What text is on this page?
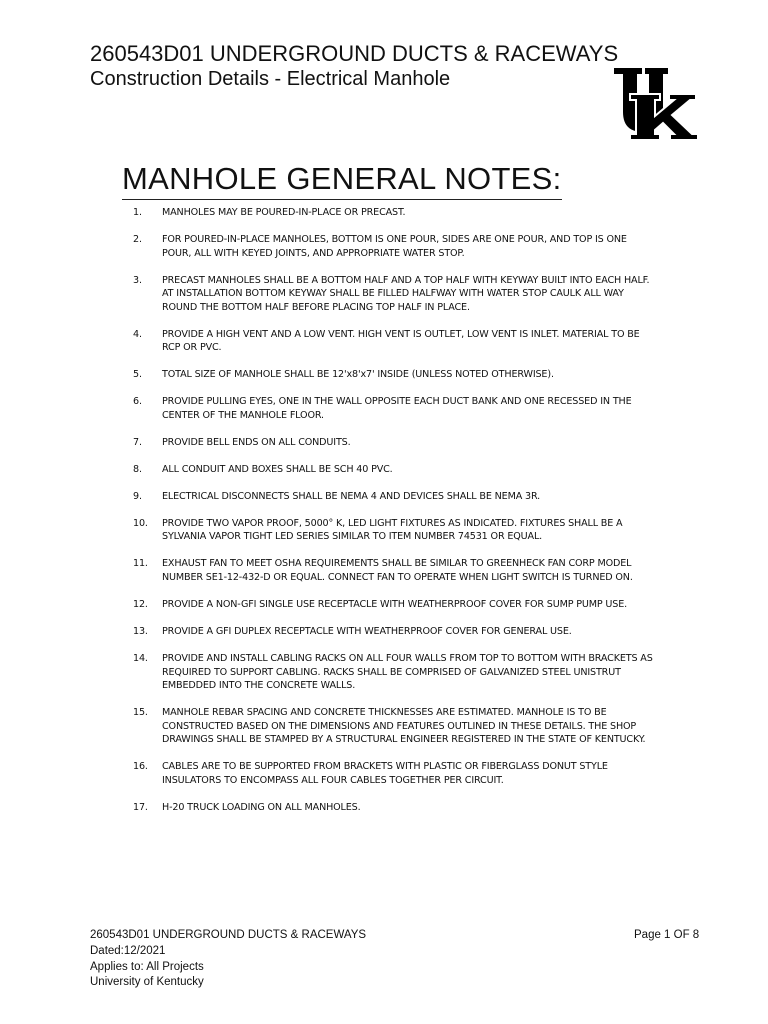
260543D01 UNDERGROUND DUCTS & RACEWAYS
Construction Details - Electrical Manhole
MANHOLE GENERAL NOTES:
1.	MANHOLES MAY BE POURED-IN-PLACE OR PRECAST.
2.	FOR POURED-IN-PLACE MANHOLES, BOTTOM IS ONE POUR, SIDES ARE ONE POUR, AND TOP IS ONE POUR, ALL WITH KEYED JOINTS, AND APPROPRIATE WATER STOP.
3.	PRECAST MANHOLES SHALL BE A BOTTOM HALF AND A TOP HALF WITH KEYWAY BUILT INTO EACH HALF. AT INSTALLATION BOTTOM KEYWAY SHALL BE FILLED HALFWAY WITH WATER STOP CAULK ALL WAY ROUND THE BOTTOM HALF BEFORE PLACING TOP HALF IN PLACE.
4.	PROVIDE A HIGH VENT AND A LOW VENT. HIGH VENT IS OUTLET, LOW VENT IS INLET. MATERIAL TO BE RCP OR PVC.
5.	TOTAL SIZE OF MANHOLE SHALL BE 12'x8'x7' INSIDE (UNLESS NOTED OTHERWISE).
6.	PROVIDE PULLING EYES, ONE IN THE WALL OPPOSITE EACH DUCT BANK AND ONE RECESSED IN THE CENTER OF THE MANHOLE FLOOR.
7.	PROVIDE BELL ENDS ON ALL CONDUITS.
8.	ALL CONDUIT AND BOXES SHALL BE SCH 40 PVC.
9.	ELECTRICAL DISCONNECTS SHALL BE NEMA 4 AND DEVICES SHALL BE NEMA 3R.
10.	PROVIDE TWO VAPOR PROOF, 5000° K, LED LIGHT FIXTURES AS INDICATED. FIXTURES SHALL BE A SYLVANIA VAPOR TIGHT LED SERIES SIMILAR TO ITEM NUMBER 74531 OR EQUAL.
11.	EXHAUST FAN TO MEET OSHA REQUIREMENTS SHALL BE SIMILAR TO GREENHECK FAN CORP MODEL NUMBER SE1-12-432-D OR EQUAL. CONNECT FAN TO OPERATE WHEN LIGHT SWITCH IS TURNED ON.
12.	PROVIDE A NON-GFI SINGLE USE RECEPTACLE WITH WEATHERPROOF COVER FOR SUMP PUMP USE.
13.	PROVIDE A GFI DUPLEX RECEPTACLE WITH WEATHERPROOF COVER FOR GENERAL USE.
14.	PROVIDE AND INSTALL CABLING RACKS ON ALL FOUR WALLS FROM TOP TO BOTTOM WITH BRACKETS AS REQUIRED TO SUPPORT CABLING. RACKS SHALL BE COMPRISED OF GALVANIZED STEEL UNISTRUT EMBEDDED INTO THE CONCRETE WALLS.
15.	MANHOLE REBAR SPACING AND CONCRETE THICKNESSES ARE ESTIMATED. MANHOLE IS TO BE CONSTRUCTED BASED ON THE DIMENSIONS AND FEATURES OUTLINED IN THESE DETAILS. THE SHOP DRAWINGS SHALL BE STAMPED BY A STRUCTURAL ENGINEER REGISTERED IN THE STATE OF KENTUCKY.
16.	CABLES ARE TO BE SUPPORTED FROM BRACKETS WITH PLASTIC OR FIBERGLASS DONUT STYLE INSULATORS TO ENCOMPASS ALL FOUR CABLES TOGETHER PER CIRCUIT.
17.	H-20 TRUCK LOADING ON ALL MANHOLES.
260543D01 UNDERGROUND DUCTS & RACEWAYS
Dated:12/2021
Applies to: All Projects
University of Kentucky
Page 1 OF 8
